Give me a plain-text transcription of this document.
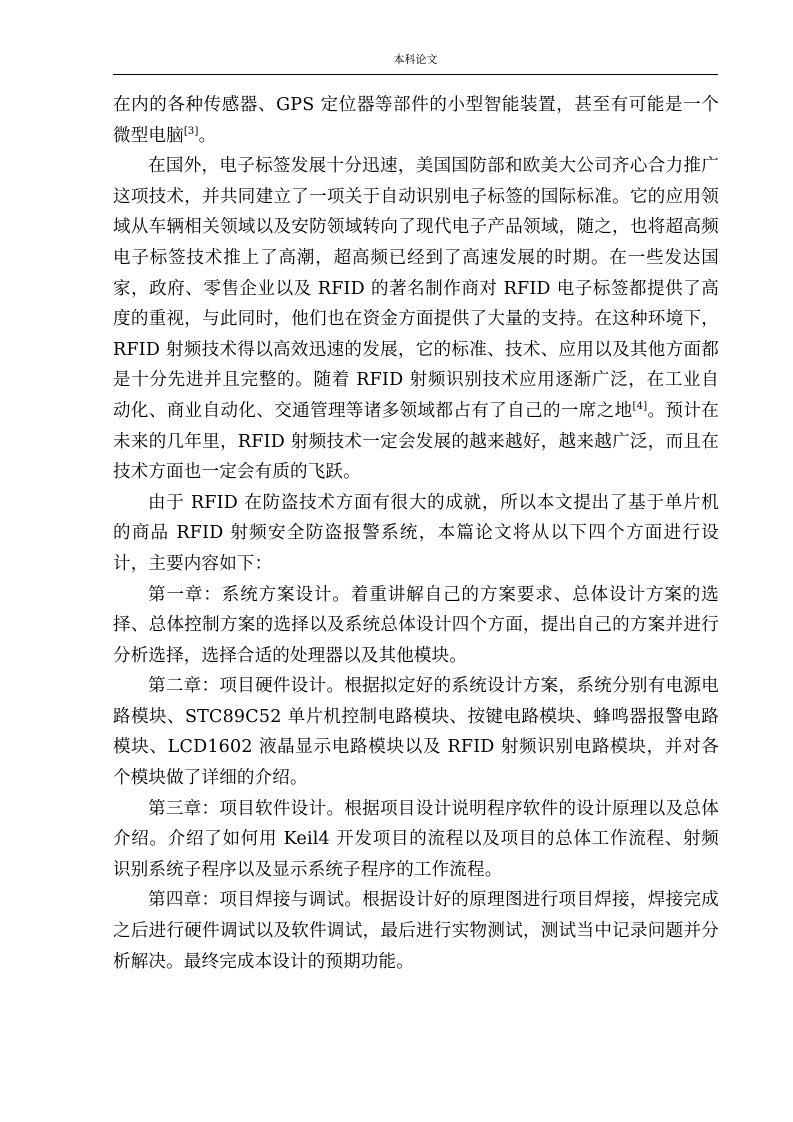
本科论文

在内的各种传感器、GPS 定位器等部件的小型智能装置，甚至有可能是一个微型电脑[3]。

在国外，电子标签发展十分迅速，美国国防部和欧美大公司齐心合力推广这项技术，并共同建立了一项关于自动识别电子标签的国际标准。它的应用领域从车辆相关领域以及安防领域转向了现代电子产品领域，随之，也将超高频电子标签技术推上了高潮，超高频已经到了高速发展的时期。在一些发达国家，政府、零售企业以及 RFID 的著名制作商对 RFID 电子标签都提供了高度的重视，与此同时，他们也在资金方面提供了大量的支持。在这种环境下，RFID 射频技术得以高效迅速的发展，它的标准、技术、应用以及其他方面都是十分先进并且完整的。随着 RFID 射频识别技术应用逐渐广泛，在工业自动化、商业自动化、交通管理等诸多领域都占有了自己的一席之地[4]。预计在未来的几年里，RFID 射频技术一定会发展的越来越好，越来越广泛，而且在技术方面也一定会有质的飞跃。

由于 RFID 在防盗技术方面有很大的成就，所以本文提出了基于单片机的商品 RFID 射频安全防盗报警系统，本篇论文将从以下四个方面进行设计，主要内容如下：

第一章：系统方案设计。着重讲解自己的方案要求、总体设计方案的选择、总体控制方案的选择以及系统总体设计四个方面，提出自己的方案并进行分析选择，选择合适的处理器以及其他模块。

第二章：项目硬件设计。根据拟定好的系统设计方案，系统分别有电源电路模块、STC89C52 单片机控制电路模块、按键电路模块、蜂鸣器报警电路模块、LCD1602 液晶显示电路模块以及 RFID 射频识别电路模块，并对各个模块做了详细的介绍。

第三章：项目软件设计。根据项目设计说明程序软件的设计原理以及总体介绍。介绍了如何用 Keil4 开发项目的流程以及项目的总体工作流程、射频识别系统子程序以及显示系统子程序的工作流程。

第四章：项目焊接与调试。根据设计好的原理图进行项目焊接，焊接完成之后进行硬件调试以及软件调试，最后进行实物测试，测试当中记录问题并分析解决。最终完成本设计的预期功能。
